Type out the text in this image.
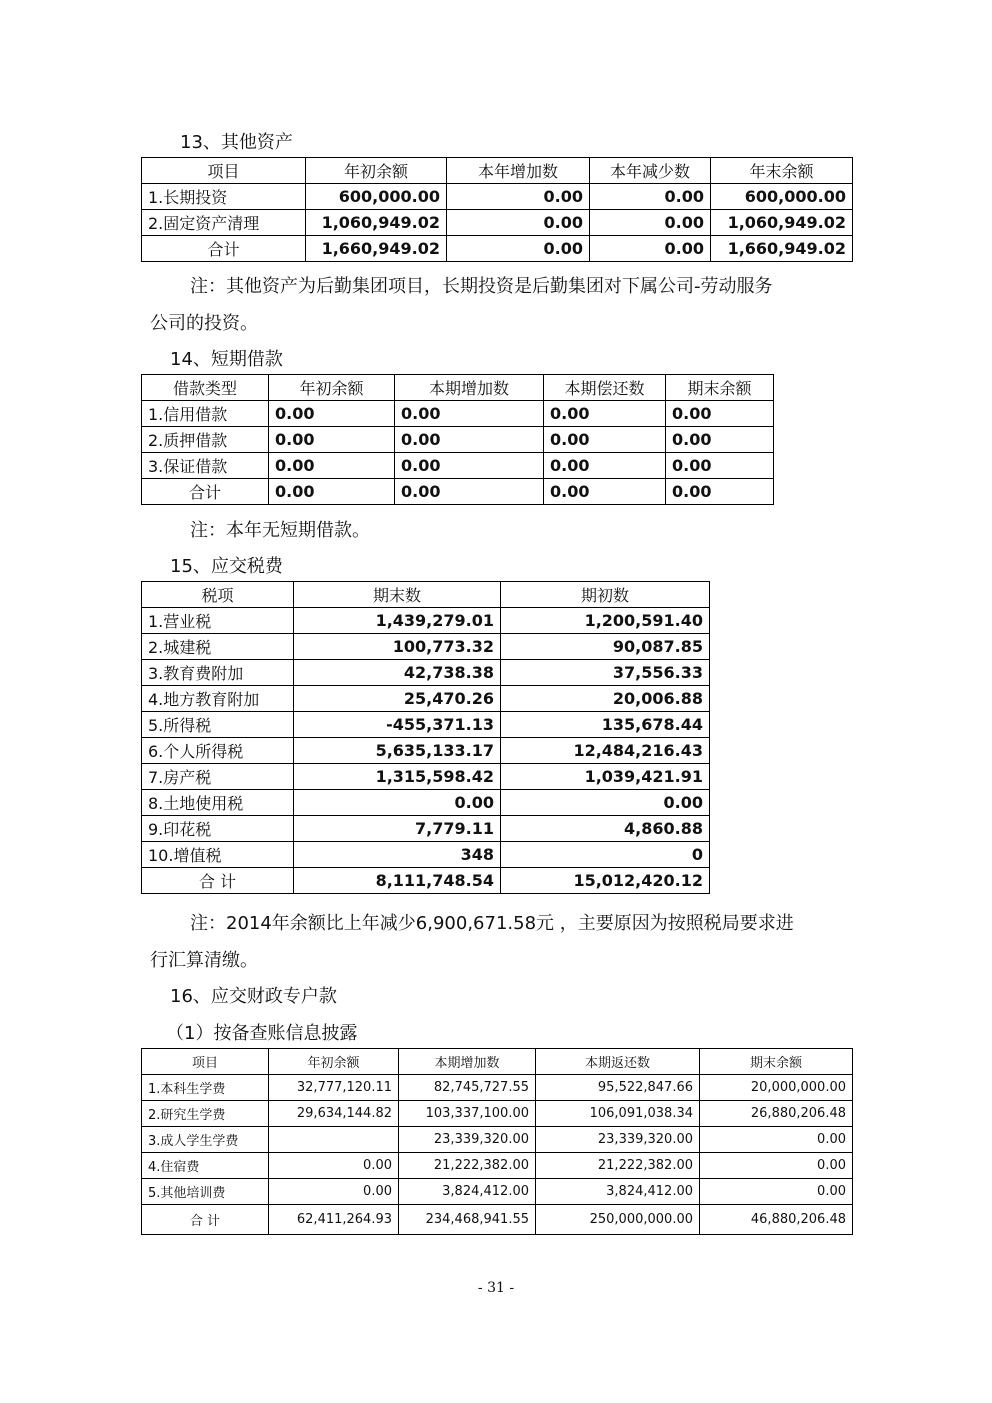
13、其他资产
项目	年初余额	本年增加数	本年减少数	年末余额
1.长期投资	600,000.00	0.00	0.00	600,000.00
2.固定资产清理	1,060,949.02	0.00	0.00	1,060,949.02
合计	1,660,949.02	0.00	0.00	1,660,949.02
注：其他资产为后勤集团项目，长期投资是后勤集团对下属公司-劳动服务
公司的投资。
14、短期借款
借款类型	年初余额	本期增加数	本期偿还数	期末余额
1.信用借款	0.00	0.00	0.00	0.00
2.质押借款	0.00	0.00	0.00	0.00
3.保证借款	0.00	0.00	0.00	0.00
合计	0.00	0.00	0.00	0.00
注：本年无短期借款。
15、应交税费
税项	期末数	期初数
1.营业税	1,439,279.01	1,200,591.40
2.城建税	100,773.32	90,087.85
3.教育费附加	42,738.38	37,556.33
4.地方教育附加	25,470.26	20,006.88
5.所得税	-455,371.13	135,678.44
6.个人所得税	5,635,133.17	12,484,216.43
7.房产税	1,315,598.42	1,039,421.91
8.土地使用税	0.00	0.00
9.印花税	7,779.11	4,860.88
10.增值税	348	0
合 计	8,111,748.54	15,012,420.12
注：2014年余额比上年减少6,900,671.58元 ，主要原因为按照税局要求进
行汇算清缴。
16、应交财政专户款
（1）按备查账信息披露
项目	年初余额	本期增加数	本期返还数	期末余额
1.本科生学费	32,777,120.11	82,745,727.55	95,522,847.66	20,000,000.00
2.研究生学费	29,634,144.82	103,337,100.00	106,091,038.34	26,880,206.48
3.成人学生学费		23,339,320.00	23,339,320.00	0.00
4.住宿费	0.00	21,222,382.00	21,222,382.00	0.00
5.其他培训费	0.00	3,824,412.00	3,824,412.00	0.00
合 计	62,411,264.93	234,468,941.55	250,000,000.00	46,880,206.48
- 31 -
